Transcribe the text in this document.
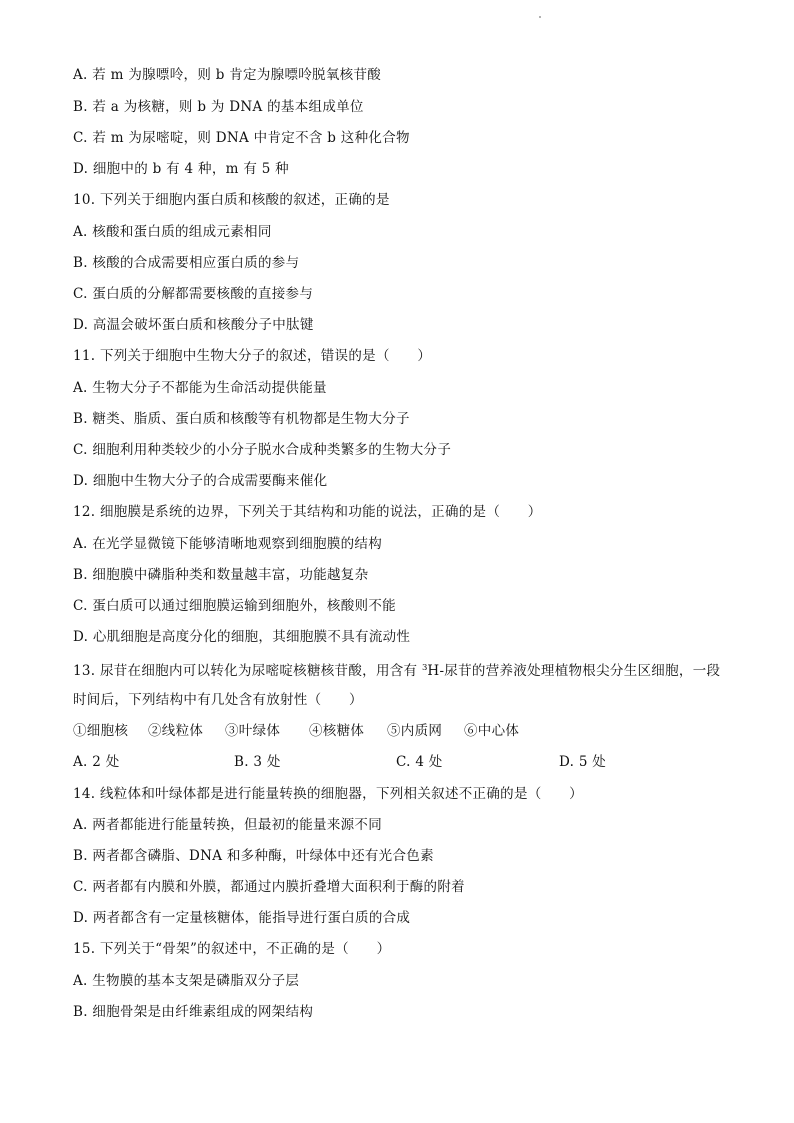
A. 若 m 为腺嘌呤，则 b 肯定为腺嘌呤脱氧核苷酸
B. 若 a 为核糖，则 b 为 DNA 的基本组成单位
C. 若 m 为尿嘧啶，则 DNA 中肯定不含 b 这种化合物
D. 细胞中的 b 有 4 种，m 有 5 种
10. 下列关于细胞内蛋白质和核酸的叙述，正确的是
A. 核酸和蛋白质的组成元素相同
B. 核酸的合成需要相应蛋白质的参与
C. 蛋白质的分解都需要核酸的直接参与
D. 高温会破坏蛋白质和核酸分子中肽键
11. 下列关于细胞中生物大分子的叙述，错误的是（　　）
A. 生物大分子不都能为生命活动提供能量
B. 糖类、脂质、蛋白质和核酸等有机物都是生物大分子
C. 细胞利用种类较少的小分子脱水合成种类繁多的生物大分子
D. 细胞中生物大分子的合成需要酶来催化
12. 细胞膜是系统的边界，下列关于其结构和功能的说法，正确的是（　　）
A. 在光学显微镜下能够清晰地观察到细胞膜的结构
B. 细胞膜中磷脂种类和数量越丰富，功能越复杂
C. 蛋白质可以通过细胞膜运输到细胞外，核酸则不能
D. 心肌细胞是高度分化的细胞，其细胞膜不具有流动性
13. 尿苷在细胞内可以转化为尿嘧啶核糖核苷酸，用含有 $^3$H-尿苷的营养液处理植物根尖分生区细胞，一段
时间后，下列结构中有几处含有放射性（　　）
①细胞核 ②线粒体 ③叶绿体 ④核糖体 ⑤内质网 ⑥中心体
A. 2 处	B. 3 处	C. 4 处	D. 5 处
14. 线粒体和叶绿体都是进行能量转换的细胞器，下列相关叙述不正确的是（　　）
A. 两者都能进行能量转换，但最初的能量来源不同
B. 两者都含磷脂、DNA 和多种酶，叶绿体中还有光合色素
C. 两者都有内膜和外膜，都通过内膜折叠增大面积利于酶的附着
D. 两者都含有一定量核糖体，能指导进行蛋白质的合成
15. 下列关于“骨架”的叙述中，不正确的是（　　）
A. 生物膜的基本支架是磷脂双分子层
B. 细胞骨架是由纤维素组成的网架结构
